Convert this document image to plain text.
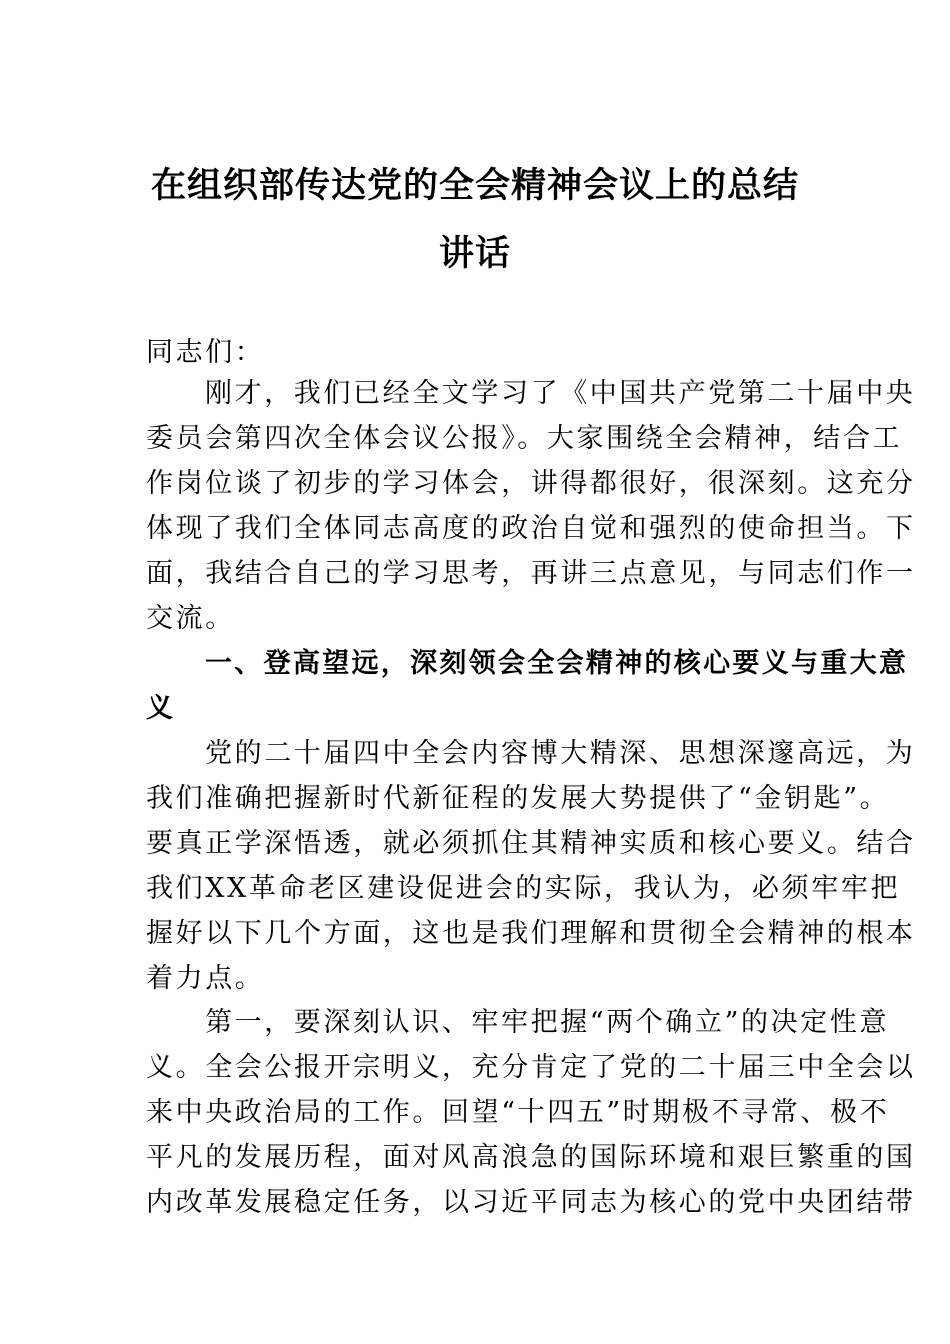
在组织部传达党的全会精神会议上的总结
讲话
同志们：
刚才，我们已经全文学习了《中国共产党第二十届中央
委员会第四次全体会议公报》。大家围绕全会精神，结合工
作岗位谈了初步的学习体会，讲得都很好，很深刻。这充分
体现了我们全体同志高度的政治自觉和强烈的使命担当。下
面，我结合自己的学习思考，再讲三点意见，与同志们作一
交流。
一、登高望远，深刻领会全会精神的核心要义与重大意
义
党的二十届四中全会内容博大精深、思想深邃高远，为
我们准确把握新时代新征程的发展大势提供了“金钥匙”。
要真正学深悟透，就必须抓住其精神实质和核心要义。结合
我们XX革命老区建设促进会的实际，我认为，必须牢牢把
握好以下几个方面，这也是我们理解和贯彻全会精神的根本
着力点。
第一，要深刻认识、牢牢把握“两个确立”的决定性意
义。全会公报开宗明义，充分肯定了党的二十届三中全会以
来中央政治局的工作。回望“十四五”时期极不寻常、极不
平凡的发展历程，面对风高浪急的国际环境和艰巨繁重的国
内改革发展稳定任务，以习近平同志为核心的党中央团结带
